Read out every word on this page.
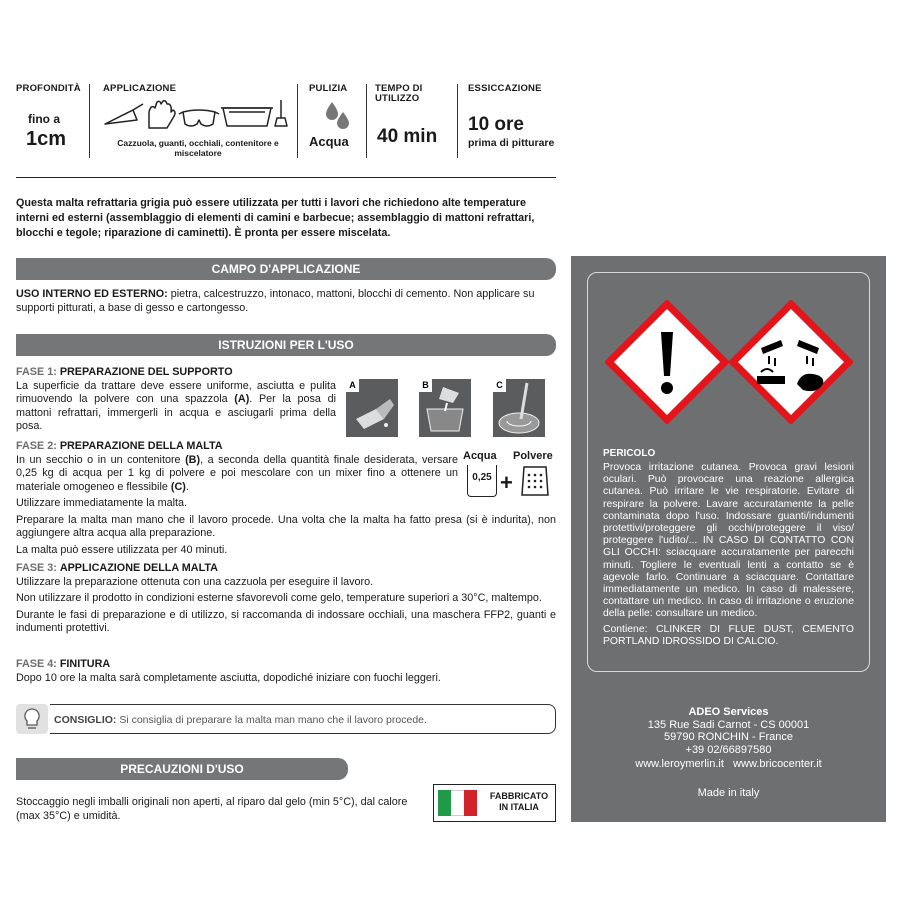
PROFONDITÀ
fino a
1cm
APPLICAZIONE
Cazzuola, guanti, occhiali, contenitore e miscelatore
PULIZIA
Acqua
TEMPO DI UTILIZZO
40 min
ESSICCAZIONE
10 ore
prima di pitturare
Questa malta refrattaria grigia può essere utilizzata per tutti i lavori che richiedono alte temperature interni ed esterni (assemblaggio di elementi di camini e barbecue; assemblaggio di mattoni refrattari, blocchi e tegole; riparazione di caminetti). È pronta per essere miscelata.
CAMPO D'APPLICAZIONE
USO INTERNO ED ESTERNO: pietra, calcestruzzo, intonaco, mattoni, blocchi di cemento. Non applicare su supporti pitturati, a base di gesso e cartongesso.
ISTRUZIONI PER L'USO
FASE 1: PREPARAZIONE DEL SUPPORTO
La superficie da trattare deve essere uniforme, asciutta e pulita rimuovendo la polvere con una spazzola (A). Per la posa di mattoni refrattari, immergerli in acqua e asciugarli prima della posa.
A	B	C
FASE 2: PREPARAZIONE DELLA MALTA
In un secchio o in un contenitore (B), a seconda della quantità finale desiderata, versare 0,25 kg di acqua per 1 kg di polvere e poi mescolare con un mixer fino a ottenere un materiale omogeneo e flessibile (C).

Utilizzare immediatamente la malta.

Preparare la malta man mano che il lavoro procede. Una volta che la malta ha fatto presa (si è indurita), non aggiungere altra acqua alla preparazione.

La malta può essere utilizzata per 40 minuti.

Acqua Polvere
0,25 +
FASE 3: APPLICAZIONE DELLA MALTA

Utilizzare la preparazione ottenuta con una cazzuola per eseguire il lavoro.

Non utilizzare il prodotto in condizioni esterne sfavorevoli come gelo, temperature superiori a 30°C, maltempo.

Durante le fasi di preparazione e di utilizzo, si raccomanda di indossare occhiali, una maschera FFP2, guanti e indumenti protettivi.

FASE 4: FINITURA

Dopo 10 ore la malta sarà completamente asciutta, dopodiché iniziare con fuochi leggeri.

CONSIGLIO: Si consiglia di preparare la malta man mano che il lavoro procede.
PRECAUZIONI D'USO
Stoccaggio negli imballi originali non aperti, al riparo dal gelo (min 5°C), dal calore (max 35°C) e umidità.
FABBRICATO
IN ITALIA
PERICOLO

Provoca irritazione cutanea. Provoca gravi lesioni oculari. Può provocare una reazione allergica cutanea. Può irritare le vie respiratorie. Evitare di respirare la polvere. Lavare accuratamente la pelle contaminata dopo l'uso. Indossare guanti/indumenti protettivi/proteggere gli occhi/proteggere il viso/ proteggere l'udito/... IN CASO DI CONTATTO CON GLI OCCHI: sciacquare accuratamente per parecchi minuti. Togliere le eventuali lenti a contatto se è agevole farlo. Continuare a sciacquare. Contattare immediatamente un medico. In caso di malessere, contattare un medico. In caso di irritazione o eruzione della pelle: consultare un medico.

Contiene: CLINKER DI FLUE DUST, CEMENTO PORTLAND IDROSSIDO DI CALCIO.

ADEO Services
135 Rue Sadi Carnot - CS 00001
59790 RONCHIN - France
+39 02/66897580
www.leroymerlin.it   www.bricocenter.it
Made in italy
